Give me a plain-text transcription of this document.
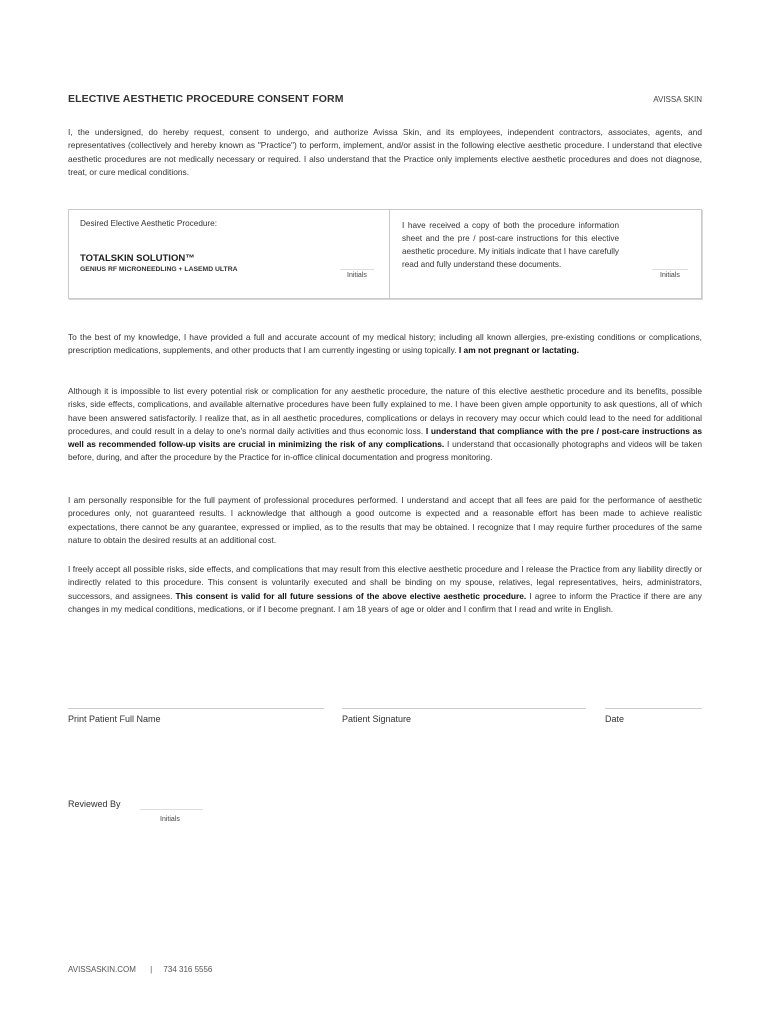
ELECTIVE AESTHETIC PROCEDURE CONSENT FORM	AVISSA SKIN
I, the undersigned, do hereby request, consent to undergo, and authorize Avissa Skin, and its employees, independent contractors, associates, agents, and representatives (collectively and hereby known as "Practice") to perform, implement, and/or assist in the following elective aesthetic procedure. I understand that elective aesthetic procedures are not medically necessary or required. I also understand that the Practice only implements elective aesthetic procedures and does not diagnose, treat, or cure medical conditions.
Desired Elective Aesthetic Procedure:
TOTALSKIN SOLUTION™
GENIUS RF MICRONEEDLING + LASEMD ULTRA
Initials
I have received a copy of both the procedure information sheet and the pre / post-care instructions for this elective aesthetic procedure. My initials indicate that I have carefully read and fully understand these documents.
Initials
To the best of my knowledge, I have provided a full and accurate account of my medical history; including all known allergies, pre-existing conditions or complications, prescription medications, supplements, and other products that I am currently ingesting or using topically. I am not pregnant or lactating.
Although it is impossible to list every potential risk or complication for any aesthetic procedure, the nature of this elective aesthetic procedure and its benefits, possible risks, side effects, complications, and available alternative procedures have been fully explained to me. I have been given ample opportunity to ask questions, all of which have been answered satisfactorily. I realize that, as in all aesthetic procedures, complications or delays in recovery may occur which could lead to the need for additional procedures, and could result in a delay to one's normal daily activities and thus economic loss. I understand that compliance with the pre / post-care instructions as well as recommended follow-up visits are crucial in minimizing the risk of any complications. I understand that occasionally photographs and videos will be taken before, during, and after the procedure by the Practice for in-office clinical documentation and progress monitoring.
I am personally responsible for the full payment of professional procedures performed. I understand and accept that all fees are paid for the performance of aesthetic procedures only, not guaranteed results. I acknowledge that although a good outcome is expected and a reasonable effort has been made to achieve realistic expectations, there cannot be any guarantee, expressed or implied, as to the results that may be obtained. I recognize that I may require further procedures of the same nature to obtain the desired results at an additional cost.
I freely accept all possible risks, side effects, and complications that may result from this elective aesthetic procedure and I release the Practice from any liability directly or indirectly related to this procedure. This consent is voluntarily executed and shall be binding on my spouse, relatives, legal representatives, heirs, administrators, successors, and assignees. This consent is valid for all future sessions of the above elective aesthetic procedure. I agree to inform the Practice if there are any changes in my medical conditions, medications, or if I become pregnant. I am 18 years of age or older and I confirm that I read and write in English.
Print Patient Full Name	Patient Signature	Date
Reviewed By
Initials
AVISSASKIN.COM | 734 316 5556
